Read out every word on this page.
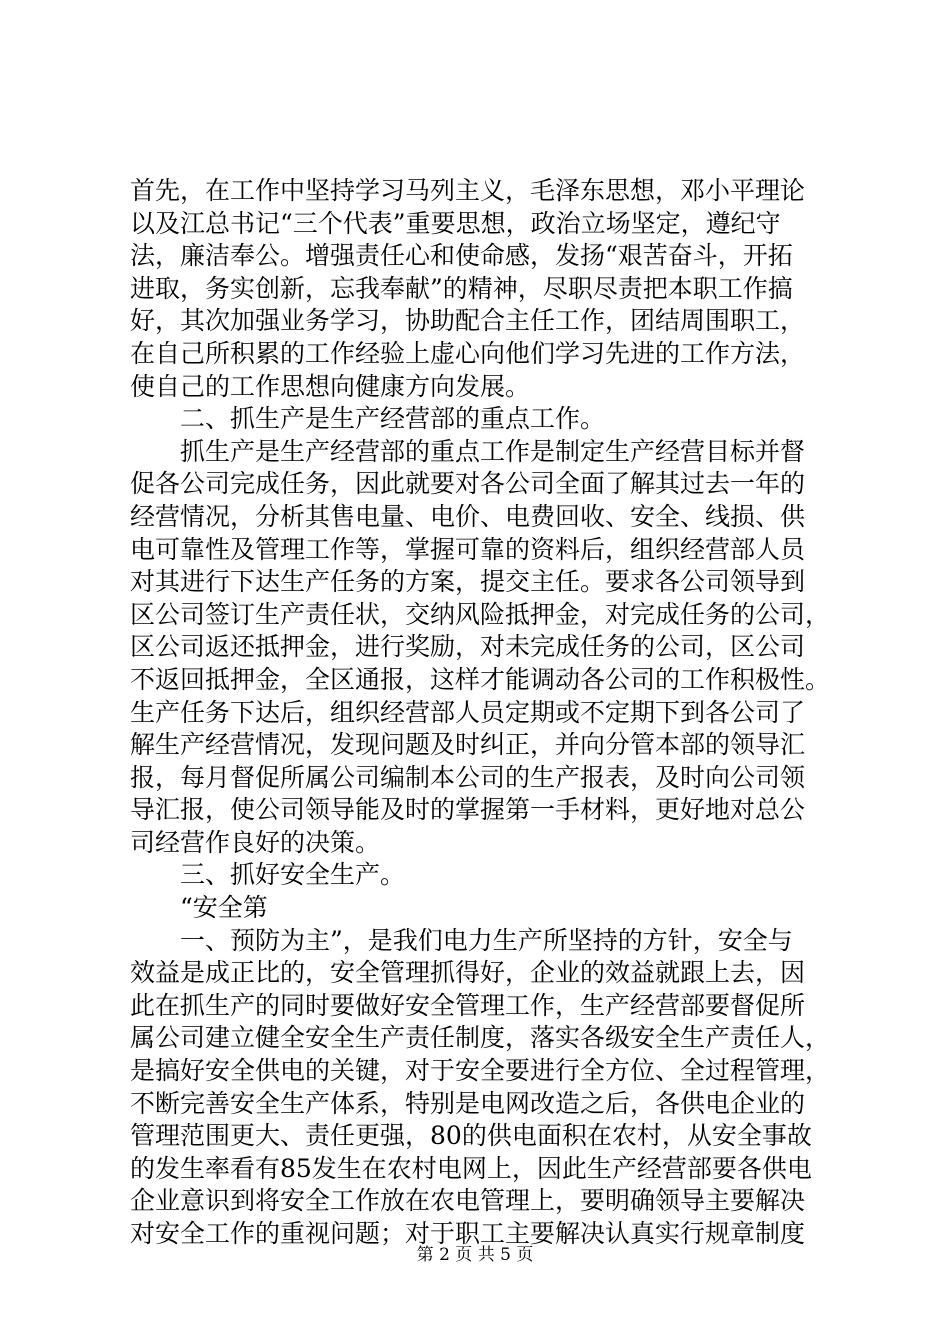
首先，在工作中坚持学习马列主义，毛泽东思想，邓小平理论
以及江总书记“三个代表”重要思想，政治立场坚定，遵纪守
法，廉洁奉公。增强责任心和使命感，发扬“艰苦奋斗，开拓
进取，务实创新，忘我奉献”的精神，尽职尽责把本职工作搞
好，其次加强业务学习，协助配合主任工作，团结周围职工，
在自己所积累的工作经验上虚心向他们学习先进的工作方法，
使自己的工作思想向健康方向发展。
二、抓生产是生产经营部的重点工作。
抓生产是生产经营部的重点工作是制定生产经营目标并督
促各公司完成任务，因此就要对各公司全面了解其过去一年的
经营情况，分析其售电量、电价、电费回收、安全、线损、供
电可靠性及管理工作等，掌握可靠的资料后，组织经营部人员
对其进行下达生产任务的方案，提交主任。要求各公司领导到
区公司签订生产责任状，交纳风险抵押金，对完成任务的公司，
区公司返还抵押金，进行奖励，对未完成任务的公司，区公司
不返回抵押金，全区通报，这样才能调动各公司的工作积极性。
生产任务下达后，组织经营部人员定期或不定期下到各公司了
解生产经营情况，发现问题及时纠正，并向分管本部的领导汇
报，每月督促所属公司编制本公司的生产报表，及时向公司领
导汇报，使公司领导能及时的掌握第一手材料，更好地对总公
司经营作良好的决策。
三、抓好安全生产。
“安全第
一、预防为主”，是我们电力生产所坚持的方针，安全与
效益是成正比的，安全管理抓得好，企业的效益就跟上去，因
此在抓生产的同时要做好安全管理工作，生产经营部要督促所
属公司建立健全安全生产责任制度，落实各级安全生产责任人，
是搞好安全供电的关键，对于安全要进行全方位、全过程管理，
不断完善安全生产体系，特别是电网改造之后，各供电企业的
管理范围更大、责任更强，80的供电面积在农村，从安全事故
的发生率看有85发生在农村电网上，因此生产经营部要各供电
企业意识到将安全工作放在农电管理上，要明确领导主要解决
对安全工作的重视问题；对于职工主要解决认真实行规章制度
第 2 页 共 5 页
